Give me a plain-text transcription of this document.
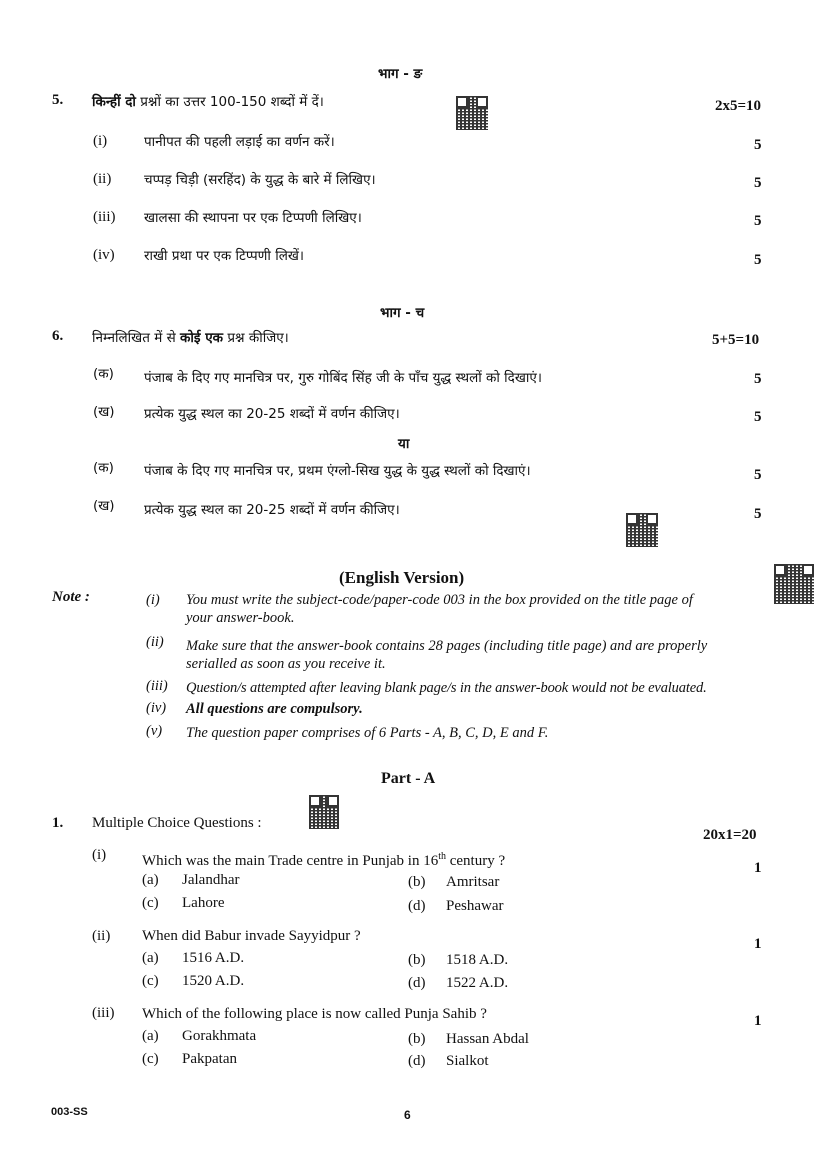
भाग - ङ
5. किन्हीं दो प्रश्नों का उत्तर 100-150 शब्दों में दें।	2x5=10
(i)	पानीपत की पहली लड़ाई का वर्णन करें।	5
(ii) चप्पड़ चिड़ी (सरहिंद) के युद्ध के बारे में लिखिए।	5
(iii) खालसा की स्थापना पर एक टिप्पणी लिखिए।	5
(iv) राखी प्रथा पर एक टिप्पणी लिखें।	5
भाग - च
6. निम्नलिखित में से कोई एक प्रश्न कीजिए।	5+5=10
(क) पंजाब के दिए गए मानचित्र पर, गुरु गोबिंद सिंह जी के पाँच युद्ध स्थलों को दिखाएं।	5
(ख) प्रत्येक युद्ध स्थल का 20-25 शब्दों में वर्णन कीजिए।	5
या
(क) पंजाब के दिए गए मानचित्र पर, प्रथम एंग्लो-सिख युद्ध के युद्ध स्थलों को दिखाएं।	5
(ख) प्रत्येक युद्ध स्थल का 20-25 शब्दों में वर्णन कीजिए।	5
(English Version)
Note :	(i) You must write the subject-code/paper-code 003 in the box provided on the title page of
your answer-book.
(ii) Make sure that the answer-book contains 28 pages (including title page) and are properly
serialled as soon as you receive it.
(iii) Question/s attempted after leaving blank page/s in the answer-book would not be evaluated.
(iv) All questions are compulsory.
(v) The question paper comprises of 6 Parts - A, B, C, D, E and F.
Part - A
1. Multiple Choice Questions :
20x1=20
(i) Which was the main Trade centre in Punjab in 16th century ?	1
(a) Jalandhar	(b) Amritsar
(c) Lahore	(d) Peshawar
(ii) When did Babur invade Sayyidpur ?	1
(a) 1516 A.D.	(b) 1518 A.D.
(c) 1520 A.D.	(d) 1522 A.D.
(iii) Which of the following place is now called Punja Sahib ?	1
(a) Gorakhmata	(b) Hassan Abdal
(c) Pakpatan	(d) Sialkot
003-SS	6
